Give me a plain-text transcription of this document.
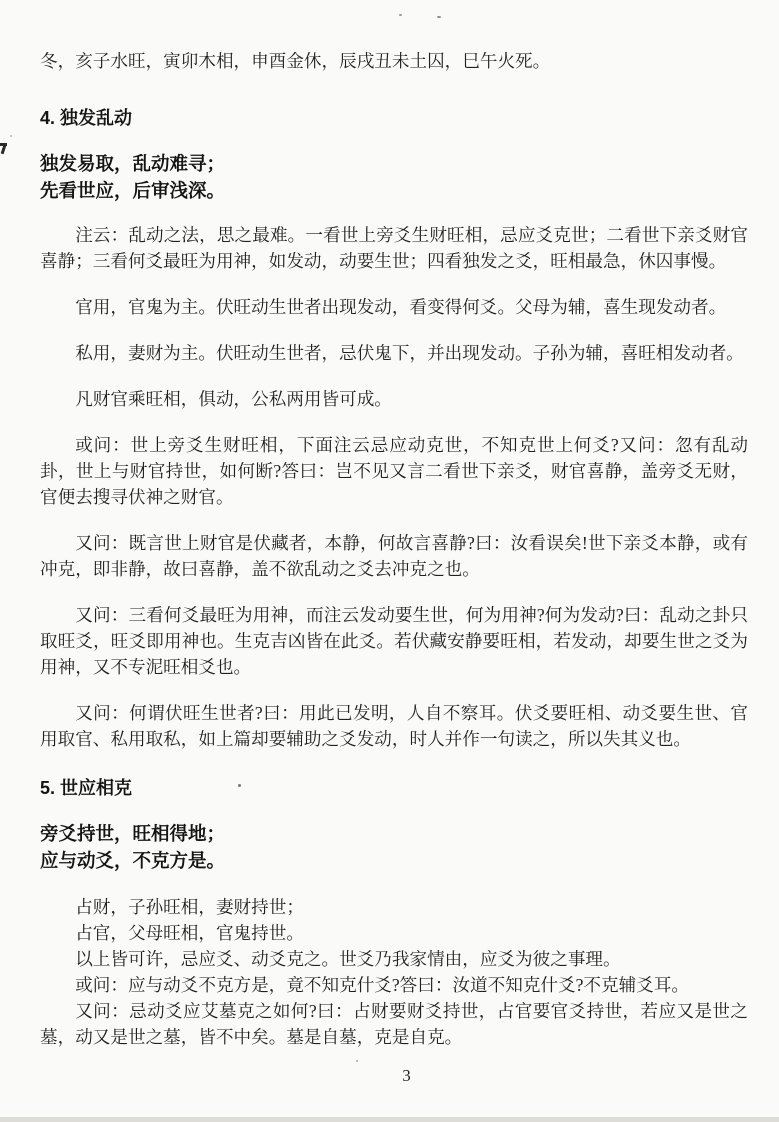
冬，亥子水旺，寅卯木相，申酉金休，辰戌丑未土囚，巳午火死。
4. 独发乱动
独发易取，乱动难寻；
先看世应，后审浅深。
注云：乱动之法，思之最难。一看世上旁爻生财旺相，忌应爻克世；二看世下亲爻财官喜静；三看何爻最旺为用神，如发动，动要生世；四看独发之爻，旺相最急，休囚事慢。
官用，官鬼为主。伏旺动生世者出现发动，看变得何爻。父母为辅，喜生现发动者。
私用，妻财为主。伏旺动生世者，忌伏鬼下，并出现发动。子孙为辅，喜旺相发动者。
凡财官乘旺相，俱动，公私两用皆可成。
或问：世上旁爻生财旺相，下面注云忌应动克世，不知克世上何爻?又问：忽有乱动卦，世上与财官持世，如何断?答曰：岂不见又言二看世下亲爻，财官喜静，盖旁爻无财，官便去搜寻伏神之财官。
又问：既言世上财官是伏藏者，本静，何故言喜静?曰：汝看误矣!世下亲爻本静，或有冲克，即非静，故曰喜静，盖不欲乱动之爻去冲克之也。
又问：三看何爻最旺为用神，而注云发动要生世，何为用神?何为发动?曰：乱动之卦只取旺爻，旺爻即用神也。生克吉凶皆在此爻。若伏藏安静要旺相，若发动，却要生世之爻为用神，又不专泥旺相爻也。
又问：何谓伏旺生世者?曰：用此已发明，人自不察耳。伏爻要旺相、动爻要生世、官用取官、私用取私，如上篇却要辅助之爻发动，时人并作一句读之，所以失其义也。
5. 世应相克
旁爻持世，旺相得地；
应与动爻，不克方是。
占财，子孙旺相，妻财持世；
占官，父母旺相，官鬼持世。
以上皆可许，忌应爻、动爻克之。世爻乃我家情由，应爻为彼之事理。
或问：应与动爻不克方是，竟不知克什爻?答曰：汝道不知克什爻?不克辅爻耳。
又问：忌动爻应艾墓克之如何?曰：占财要财爻持世，占官要官爻持世，若应又是世之墓，动又是世之墓，皆不中矣。墓是自墓，克是自克。
3
